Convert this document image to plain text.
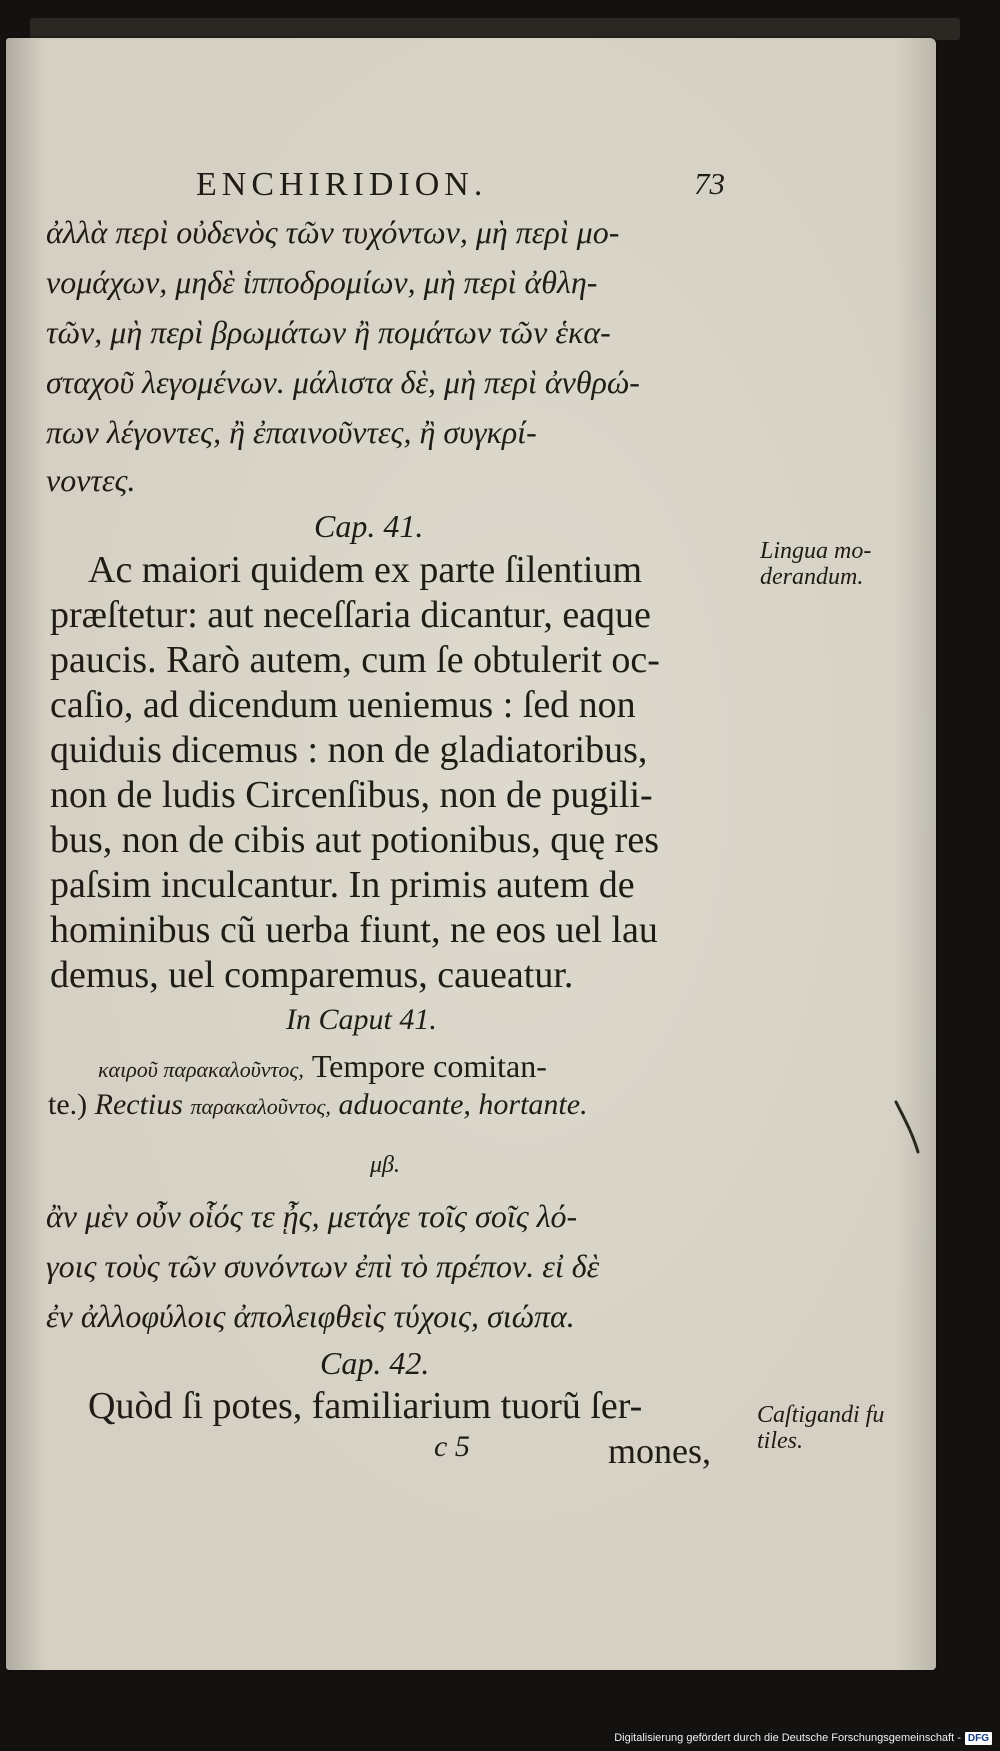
ENCHIRIDION.	73

ἀλλὰ περὶ οὐδενὸς τῶν τυχόντων, μὴ περὶ μο-

νομάχων, μηδὲ ἱπποδρομίων, μὴ περὶ ἀθλη-

τῶν, μὴ περὶ βρωμάτων ἢ πομάτων τῶν ἑκα-

σταχοῦ λεγομένων. μάλιστα δὲ, μὴ περὶ ἀνθρώ-

πων λέγοντες, ἢ ἐπαινοῦντες, ἢ συγκρί-

νοντες.

Cap. 41.

Ac maiori quidem ex parte ſilentium

præſtetur: aut neceſſaria dicantur, eaque

paucis. Rarò autem, cum ſe obtulerit oc-

caſio, ad dicendum ueniemus : ſed non

quiduis dicemus : non de gladiatoribus,

non de ludis Circenſibus, non de pugili-

bus, non de cibis aut potionibus, quę res

paſsim inculcantur. In primis autem de

hominibus cũ uerba fiunt, ne eos uel lau

demus, uel comparemus, caueatur.

Lingua mo- derandum.

In Caput 41.

καιροῦ παρακαλοῦντος, Tempore comitan-

te.) Rectius παρακαλοῦντος, aduocante, hortante.

μβ.

ἂν μὲν οὖν οἷός τε ᾖς, μετάγε τοῖς σοῖς λό-

γοις τοὺς τῶν συνόντων ἐπὶ τὸ πρέπον. εἰ δὲ

ἐν ἀλλοφύλοις ἀπολειφθεὶς τύχοις, σιώπα.

Cap. 42.

Quòd ſi potes, familiarium tuorũ ſer-	Caſtigandi fu tiles.

c 5	mones,

Digitalisierung gefördert durch die Deutsche Forschungsgemeinschaft - DFG
